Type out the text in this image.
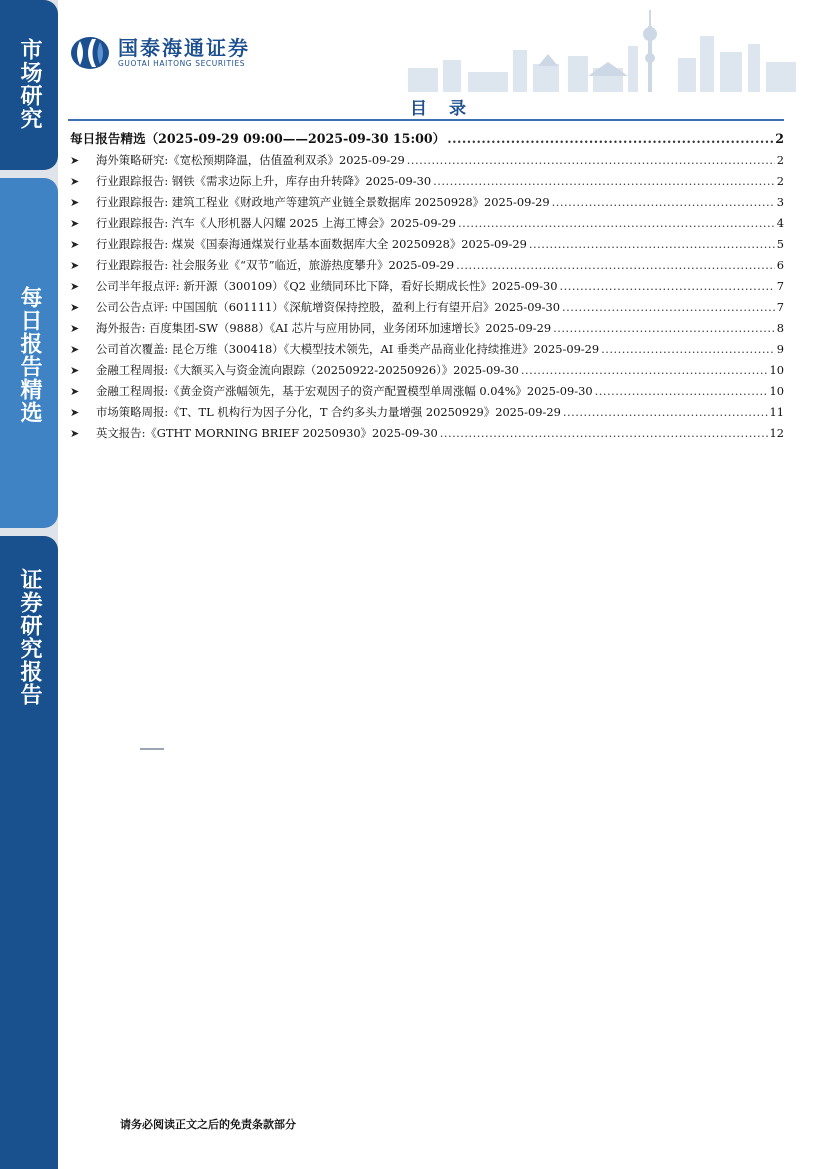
市场研究
每日报告精选
证券研究报告
国泰海通证券
GUOTAI HAITONG SECURITIES
目 录
每日报告精选（2025-09-29 09:00——2025-09-30 15:00） .....	2
➤	海外策略研究:《宽松预期降温，估值盈利双杀》2025-09-29 .....	2
➤	行业跟踪报告: 钢铁《需求边际上升，库存由升转降》2025-09-30 .....	2
➤	行业跟踪报告: 建筑工程业《财政地产等建筑产业链全景数据库 20250928》2025-09-29 .....	3
➤	行业跟踪报告: 汽车《人形机器人闪耀 2025 上海工博会》2025-09-29 .....	4
➤	行业跟踪报告: 煤炭《国泰海通煤炭行业基本面数据库大全 20250928》2025-09-29 .....	5
➤	行业跟踪报告: 社会服务业《“双节”临近，旅游热度攀升》2025-09-29 .....	6
➤	公司半年报点评: 新开源（300109）《Q2 业绩同环比下降，看好长期成长性》2025-09-30 .....	7
➤	公司公告点评: 中国国航（601111）《深航增资保持控股，盈利上行有望开启》2025-09-30 .....	7
➤	海外报告: 百度集团-SW（9888）《AI 芯片与应用协同，业务闭环加速增长》2025-09-29 .....	8
➤	公司首次覆盖: 昆仑万维（300418）《大模型技术领先，AI 垂类产品商业化持续推进》2025-09-29 .....	9
➤	金融工程周报:《大额买入与资金流向跟踪（20250922-20250926）》2025-09-30 .....	10
➤	金融工程周报:《黄金资产涨幅领先，基于宏观因子的资产配置模型单周涨幅 0.04%》2025-09-30 .....	10
➤	市场策略周报:《T、TL 机构行为因子分化，T 合约多头力量增强 20250929》2025-09-29 .....	11
➤	英文报告:《GTHT MORNING BRIEF 20250930》2025-09-30 .....	12
请务必阅读正文之后的免责条款部分
